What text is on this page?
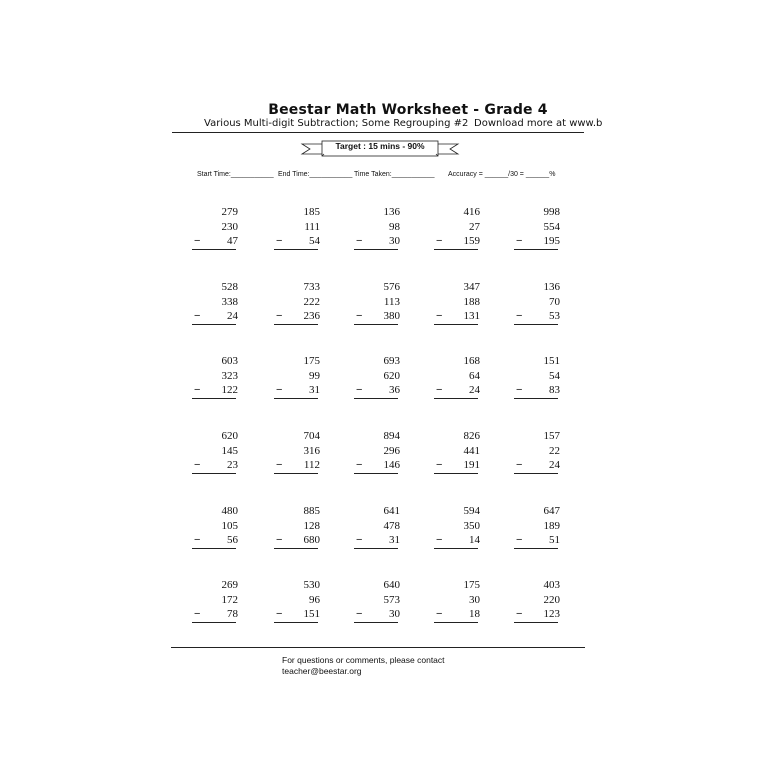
Beestar Math Worksheet - Grade 4
Various Multi-digit Subtraction; Some Regrouping #2 Download more at www.b
Target : 15 mins - 90%
Start Time:___________ End Time:___________ Time Taken:___________ Accuracy = ______/30 = ______%
279
230
47
−
185
111
54
−
136
98
30
−
416
27
159
−
998
554
195
−
528
338
24
−
733
222
236
−
576
113
380
−
347
188
131
−
136
70
53
−
603
323
122
−
175
99
31
−
693
620
36
−
168
64
24
−
151
54
83
−
620
145
23
−
704
316
112
−
894
296
146
−
826
441
191
−
157
22
24
−
480
105
56
−
885
128
680
−
641
478
31
−
594
350
14
−
647
189
51
−
269
172
78
−
530
96
151
−
640
573
30
−
175
30
18
−
403
220
123
−
For questions or comments, please contact
teacher@beestar.org
